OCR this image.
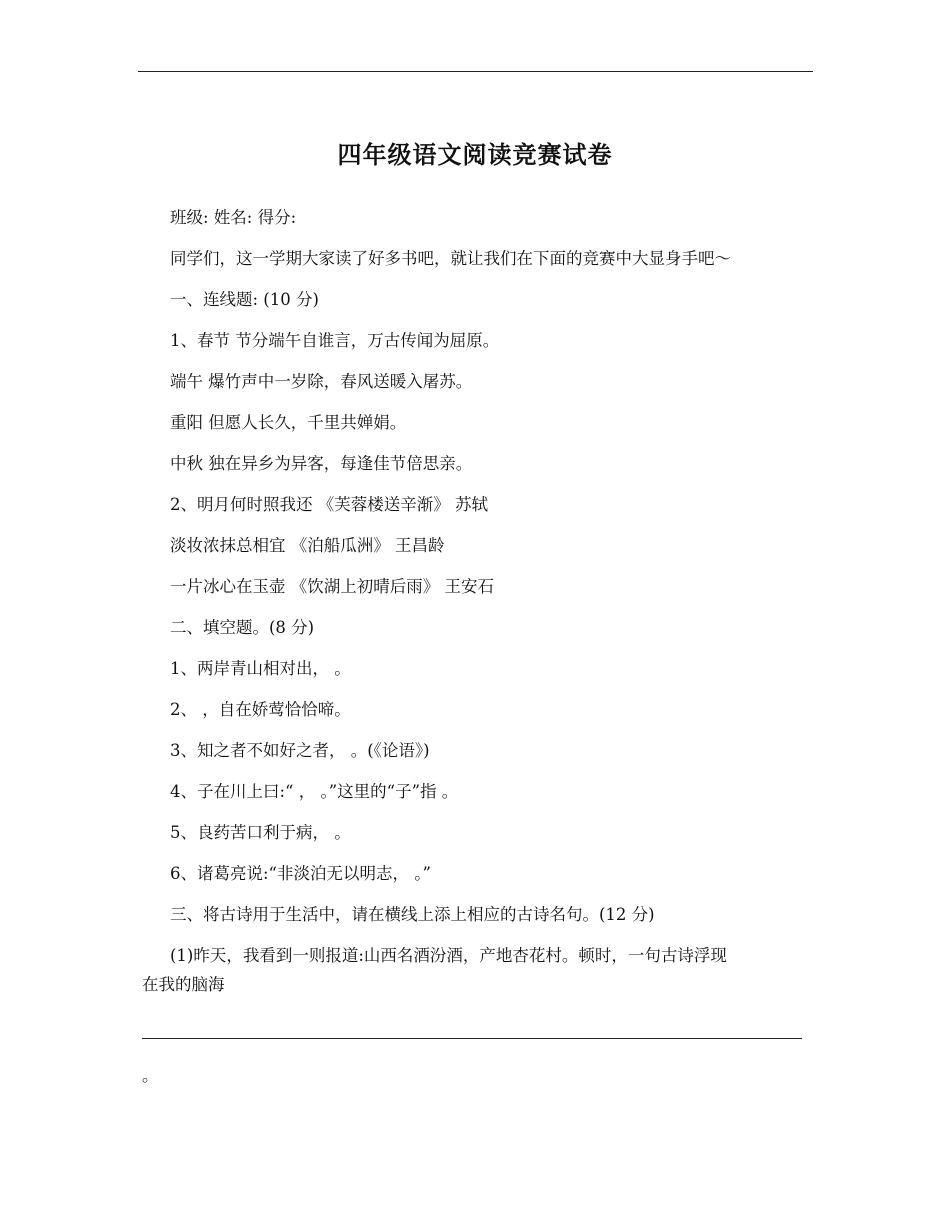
四年级语文阅读竞赛试卷
班级: 姓名: 得分:
同学们，这一学期大家读了好多书吧，就让我们在下面的竞赛中大显身手吧～
一、连线题: (10 分)
1、春节 节分端午自谁言，万古传闻为屈原。
端午 爆竹声中一岁除，春风送暖入屠苏。
重阳 但愿人长久，千里共婵娟。
中秋 独在异乡为异客，每逢佳节倍思亲。
2、明月何时照我还 《芙蓉楼送辛渐》 苏轼
淡妆浓抹总相宜 《泊船瓜洲》 王昌龄
一片冰心在玉壶 《饮湖上初晴后雨》 王安石
二、填空题。(8 分)
1、两岸青山相对出， 。
2、 ，自在娇莺恰恰啼。
3、知之者不如好之者， 。(《论语》)
4、子在川上曰:“ ， 。”这里的“子”指 。
5、良药苦口利于病， 。
6、诸葛亮说:“非淡泊无以明志， 。”
三、将古诗用于生活中，请在横线上添上相应的古诗名句。(12 分)
(1)昨天，我看到一则报道:山西名酒汾酒，产地杏花村。顿时，一句古诗浮现
在我的脑海
。
